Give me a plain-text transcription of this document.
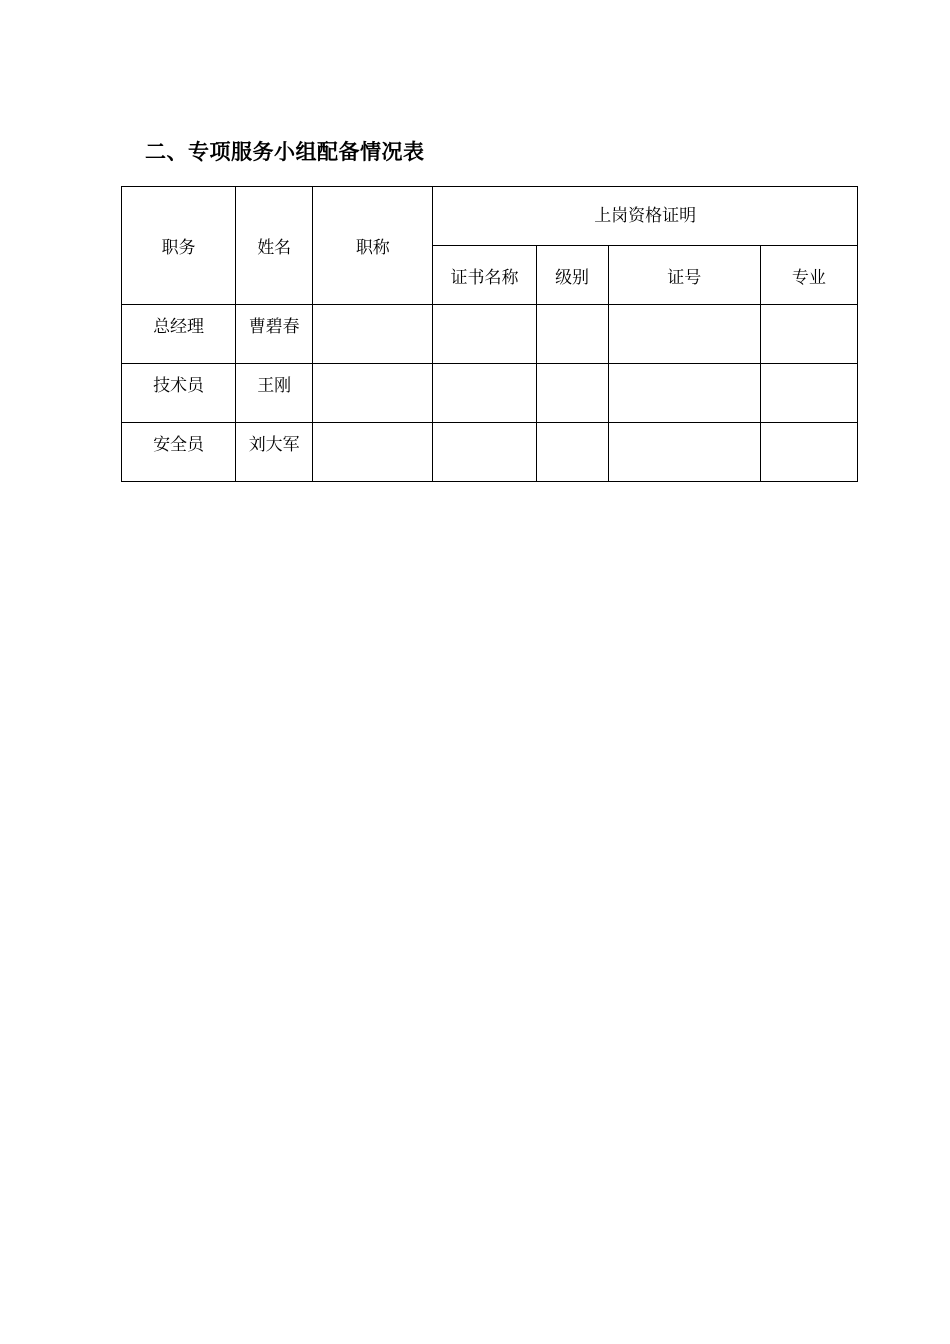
二、专项服务小组配备情况表
职务	姓名	职称	上岗资格证明			

			证书名称	级别	证号	专业

总经理	曹碧春					

技术员	王刚					

安全员	刘大军					
